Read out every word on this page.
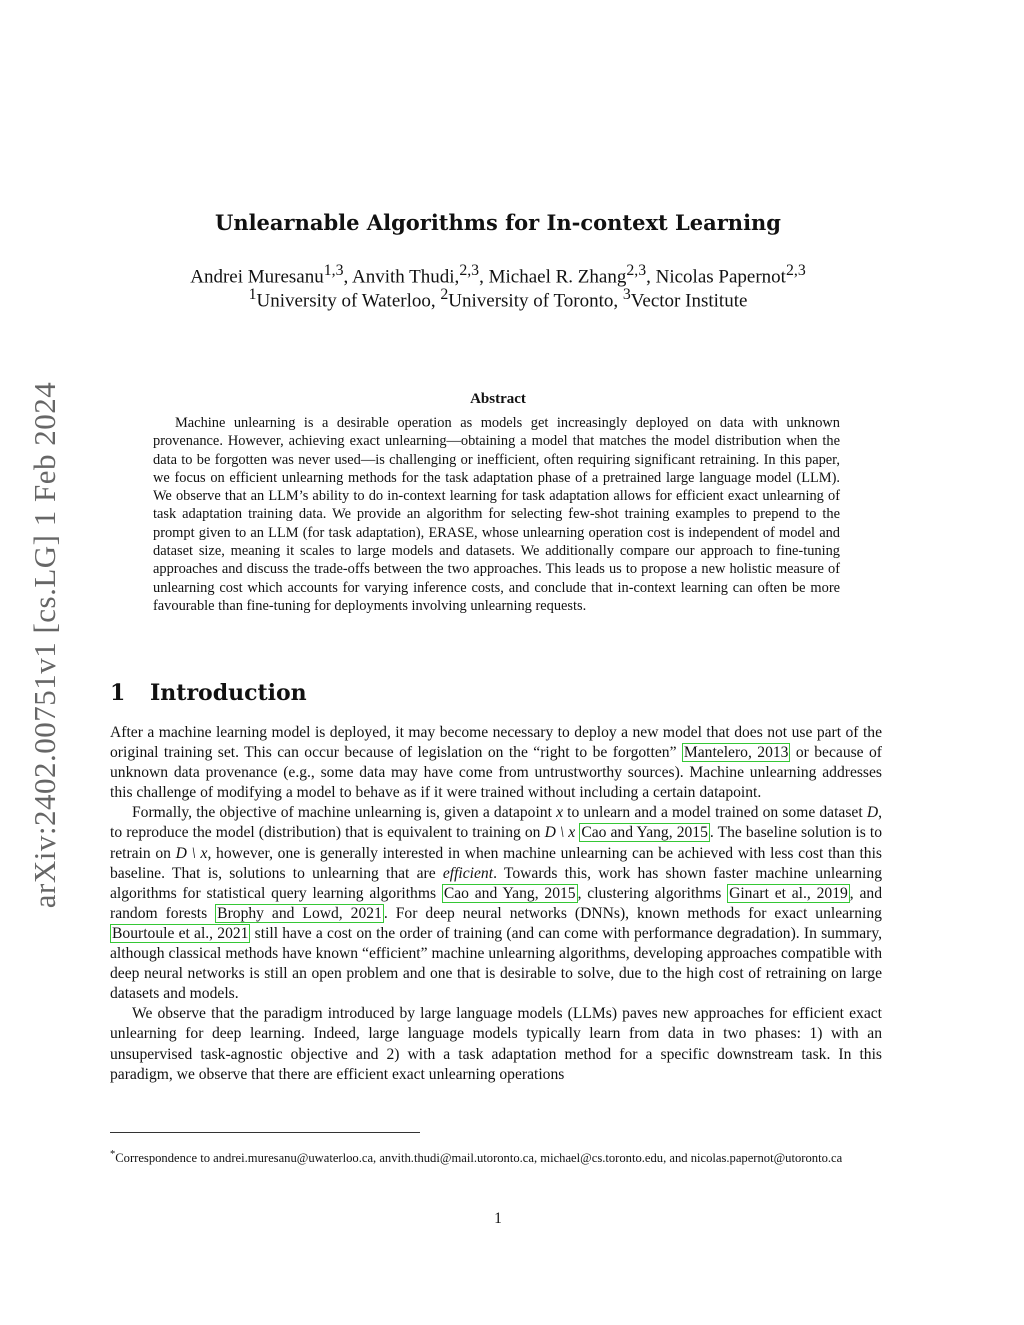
arXiv:2402.00751v1 [cs.LG] 1 Feb 2024
Unlearnable Algorithms for In-context Learning
Andrei Muresanu$^{1,3}$, Anvith Thudi,$^{2,3}$, Michael R. Zhang$^{2,3}$, Nicolas Papernot$^{2,3}$
$^1$University of Waterloo, $^2$University of Toronto, $^3$Vector Institute
Abstract

Machine unlearning is a desirable operation as models get increasingly deployed on data with unknown provenance. However, achieving exact unlearning—obtaining a model that matches the model distribution when the data to be forgotten was never used—is challenging or inefficient, often requiring significant retraining. In this paper, we focus on efficient unlearning methods for the task adaptation phase of a pretrained large language model (LLM). We observe that an LLM’s ability to do in-context learning for task adaptation allows for efficient exact unlearning of task adaptation training data. We provide an algorithm for selecting few-shot training examples to prepend to the prompt given to an LLM (for task adaptation), ERASE, whose unlearning operation cost is independent of model and dataset size, meaning it scales to large models and datasets. We additionally compare our approach to fine-tuning approaches and discuss the trade-offs between the two approaches. This leads us to propose a new holistic measure of unlearning cost which accounts for varying inference costs, and conclude that in-context learning can often be more favourable than fine-tuning for deployments involving unlearning requests.

1 Introduction

After a machine learning model is deployed, it may become necessary to deploy a new model that does not use part of the original training set. This can occur because of legislation on the “right to be forgotten” Mantelero, 2013 or because of unknown data provenance (e.g., some data may have come from untrustworthy sources). Machine unlearning addresses this challenge of modifying a model to behave as if it were trained without including a certain datapoint.

Formally, the objective of machine unlearning is, given a datapoint x to unlearn and a model trained on some dataset D, to reproduce the model (distribution) that is equivalent to training on D \ x Cao and Yang, 2015 . The baseline solution is to retrain on D \ x, however, one is generally interested in when machine unlearning can be achieved with less cost than this baseline. That is, solutions to unlearning that are efficient. Towards this, work has shown faster machine unlearning algorithms for statistical query learning algorithms Cao and Yang, 2015 , clustering algorithms Ginart et al., 2019 , and random forests Brophy and Lowd, 2021 . For deep neural networks (DNNs), known methods for exact unlearning Bourtoule et al., 2021 still have a cost on the order of training (and can come with performance degradation). In summary, although classical methods have known “efficient” machine unlearning algorithms, developing approaches compatible with deep neural networks is still an open problem and one that is desirable to solve, due to the high cost of retraining on large datasets and models.

We observe that the paradigm introduced by large language models (LLMs) paves new approaches for efficient exact unlearning for deep learning. Indeed, large language models typically learn from data in two phases: 1) with an unsupervised task-agnostic objective and 2) with a task adaptation method for a specific downstream task. In this paradigm, we observe that there are efficient exact unlearning operations

*Correspondence to andrei.muresanu@uwaterloo.ca, anvith.thudi@mail.utoronto.ca, michael@cs.toronto.edu, and nicolas.papernot@utoronto.ca
1
